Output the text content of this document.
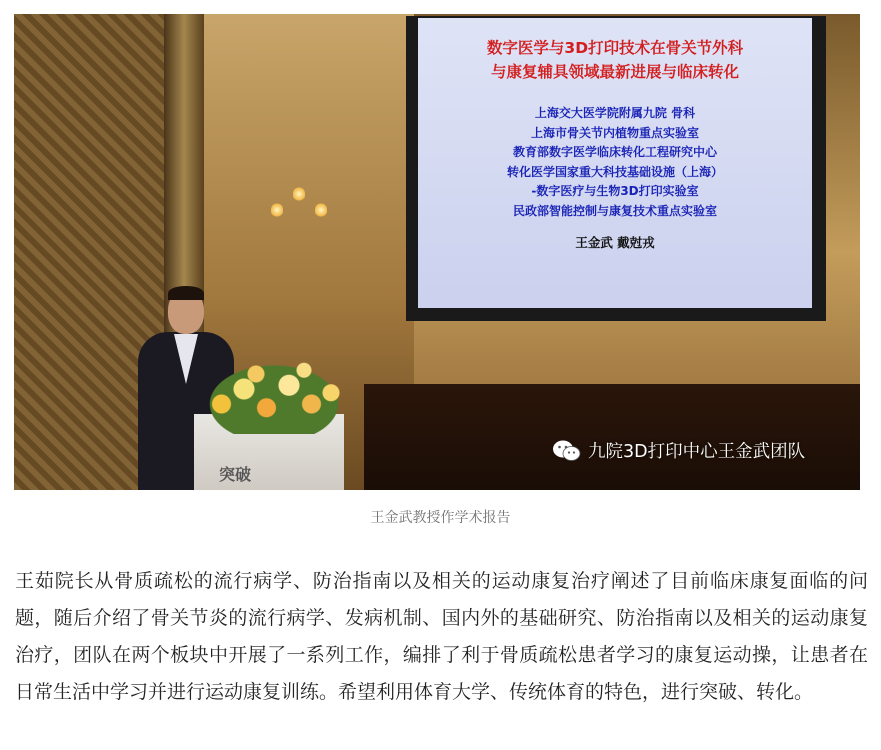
数字医学与3D打印技术在骨关节外科
与康复辅具领域最新进展与临床转化
上海交大医学院附属九院 骨科
上海市骨关节内植物重点实验室
教育部数字医学临床转化工程研究中心
转化医学国家重大科技基础设施（上海）
-数字医疗与生物3D打印实验室
民政部智能控制与康复技术重点实验室
王金武 戴尅戎
突破
九院3D打印中心王金武团队
王金武教授作学术报告

王茹院长从骨质疏松的流行病学、防治指南以及相关的运动康复治疗阐述了目前临床康复面临的问题，随后介绍了骨关节炎的流行病学、发病机制、国内外的基础研究、防治指南以及相关的运动康复治疗，团队在两个板块中开展了一系列工作，编排了利于骨质疏松患者学习的康复运动操，让患者在日常生活中学习并进行运动康复训练。希望利用体育大学、传统体育的特色，进行突破、转化。
